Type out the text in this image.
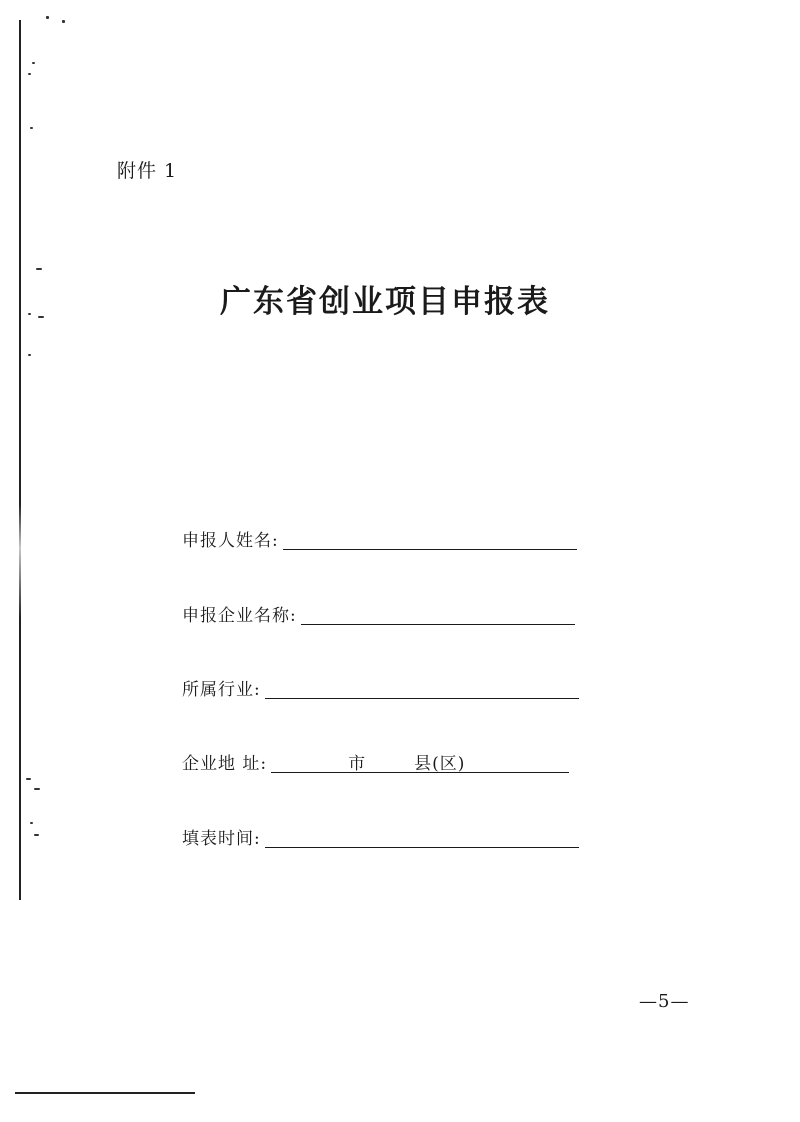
附件 1
广东省创业项目申报表
申报人姓名:
申报企业名称:
所属行业:
企业地 址:	市	县(区)
填表时间:
—5—
